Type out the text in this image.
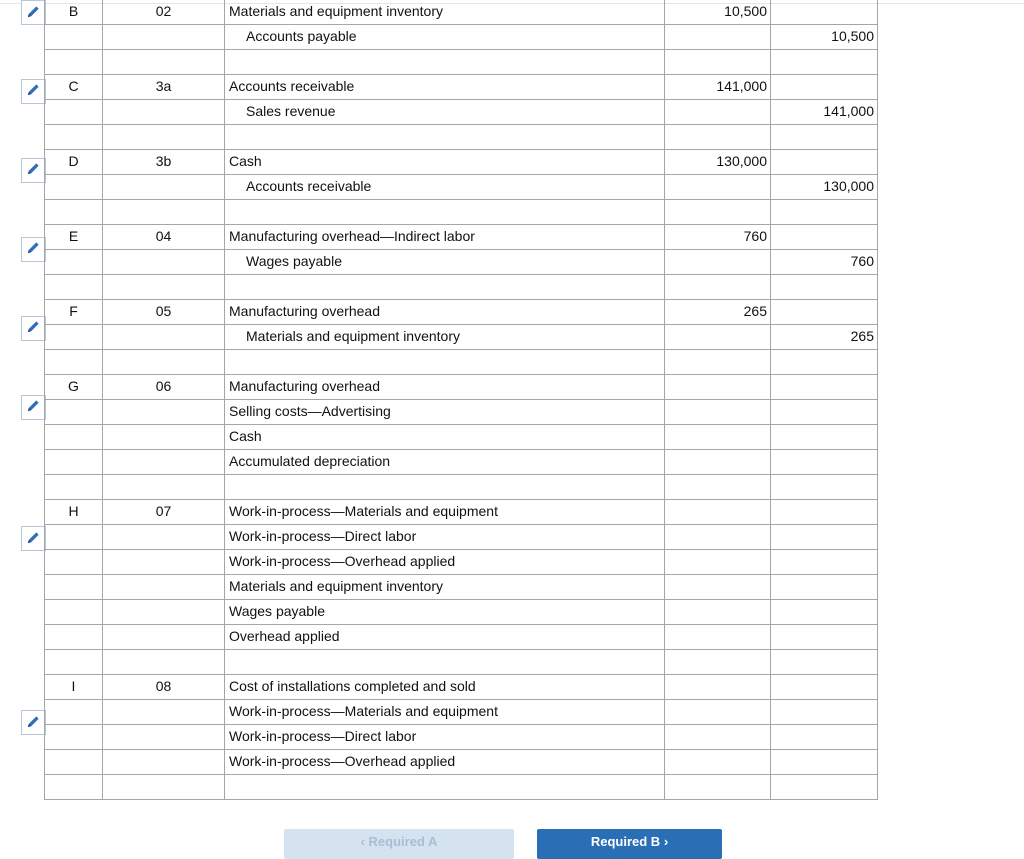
B	02	Materials and equipment inventory	10,500	
		Accounts payable		10,500

C	3a	Accounts receivable	141,000	
		Sales revenue		141,000

D	3b	Cash	130,000	
		Accounts receivable		130,000

E	04	Manufacturing overhead—Indirect labor	760	
		Wages payable		760

F	05	Manufacturing overhead	265	
		Materials and equipment inventory		265

G	06	Manufacturing overhead		
		Selling costs—Advertising		
		Cash		
		Accumulated depreciation		

H	07	Work-in-process—Materials and equipment		
		Work-in-process—Direct labor		
		Work-in-process—Overhead applied		
		Materials and equipment inventory		
		Wages payable		
		Overhead applied		

I	08	Cost of installations completed and sold		
		Work-in-process—Materials and equipment		
		Work-in-process—Direct labor		
		Work-in-process—Overhead applied		

‹ Required A	Required B ›
